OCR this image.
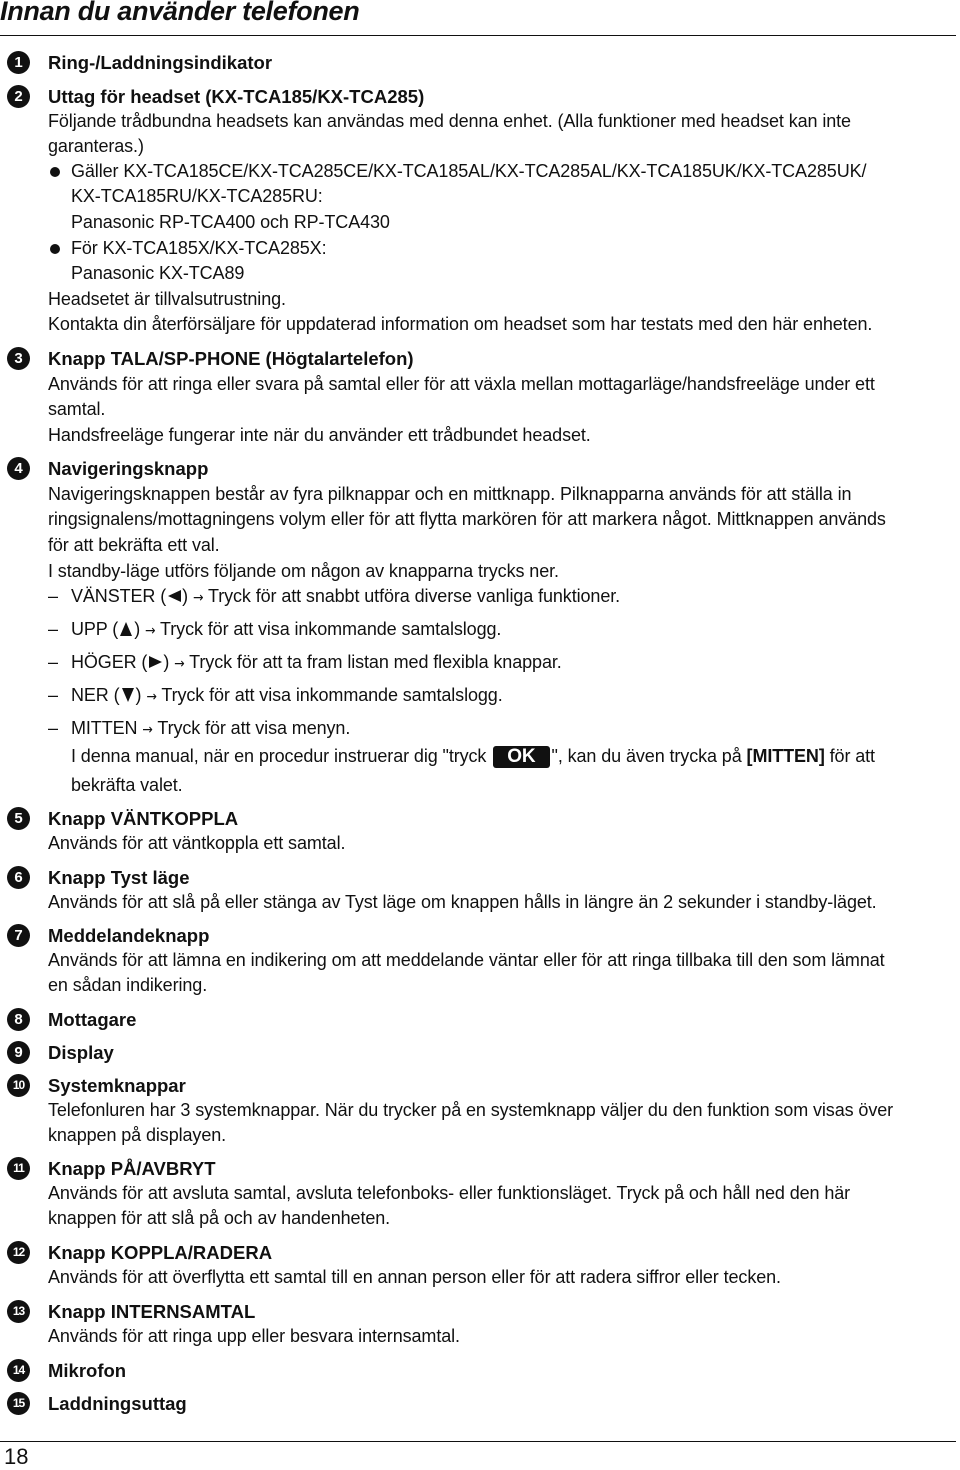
Innan du använder telefonen
1	Ring-/Laddningsindikator
2	Uttag för headset (KX-TCA185/KX-TCA285)
Följande trådbundna headsets kan användas med denna enhet. (Alla funktioner med headset kan inte
garanteras.)
Gäller KX-TCA185CE/KX-TCA285CE/KX-TCA185AL/KX-TCA285AL/KX-TCA185UK/KX-TCA285UK/
KX-TCA185RU/KX-TCA285RU:
Panasonic RP-TCA400 och RP-TCA430
För KX-TCA185X/KX-TCA285X:
Panasonic KX-TCA89
Headsetet är tillvalsutrustning.
Kontakta din återförsäljare för uppdaterad information om headset som har testats med den här enheten.
3	Knapp TALA/SP-PHONE (Högtalartelefon)
Används för att ringa eller svara på samtal eller för att växla mellan mottagarläge/handsfreeläge under ett
samtal.
Handsfreeläge fungerar inte när du använder ett trådbundet headset.
4	Navigeringsknapp
Navigeringsknappen består av fyra pilknappar och en mittknapp. Pilknapparna används för att ställa in
ringsignalens/mottagningens volym eller för att flytta markören för att markera något. Mittknappen används
för att bekräfta ett val.
I standby-läge utförs följande om någon av knapparna trycks ner.
– VÄNSTER ( ) → Tryck för att snabbt utföra diverse vanliga funktioner.
– UPP ( ) → Tryck för att visa inkommande samtalslogg.
– HÖGER ( ) → Tryck för att ta fram listan med flexibla knappar.
– NER ( ) → Tryck för att visa inkommande samtalslogg.
– MITTEN → Tryck för att visa menyn.
I denna manual, när en procedur instruerar dig "tryck OK ", kan du även trycka på [MITTEN] för att
bekräfta valet.
5	Knapp VÄNTKOPPLA
Används för att väntkoppla ett samtal.
6	Knapp Tyst läge
Används för att slå på eller stänga av Tyst läge om knappen hålls in längre än 2 sekunder i standby-läget.
7	Meddelandeknapp
Används för att lämna en indikering om att meddelande väntar eller för att ringa tillbaka till den som lämnat
en sådan indikering.
8	Mottagare
9	Display
10	Systemknappar
Telefonluren har 3 systemknappar. När du trycker på en systemknapp väljer du den funktion som visas över
knappen på displayen.
11	Knapp PÅ/AVBRYT
Används för att avsluta samtal, avsluta telefonboks- eller funktionsläget. Tryck på och håll ned den här
knappen för att slå på och av handenheten.
12	Knapp KOPPLA/RADERA
Används för att överflytta ett samtal till en annan person eller för att radera siffror eller tecken.
13	Knapp INTERNSAMTAL
Används för att ringa upp eller besvara internsamtal.
14	Mikrofon
15	Laddningsuttag
18
